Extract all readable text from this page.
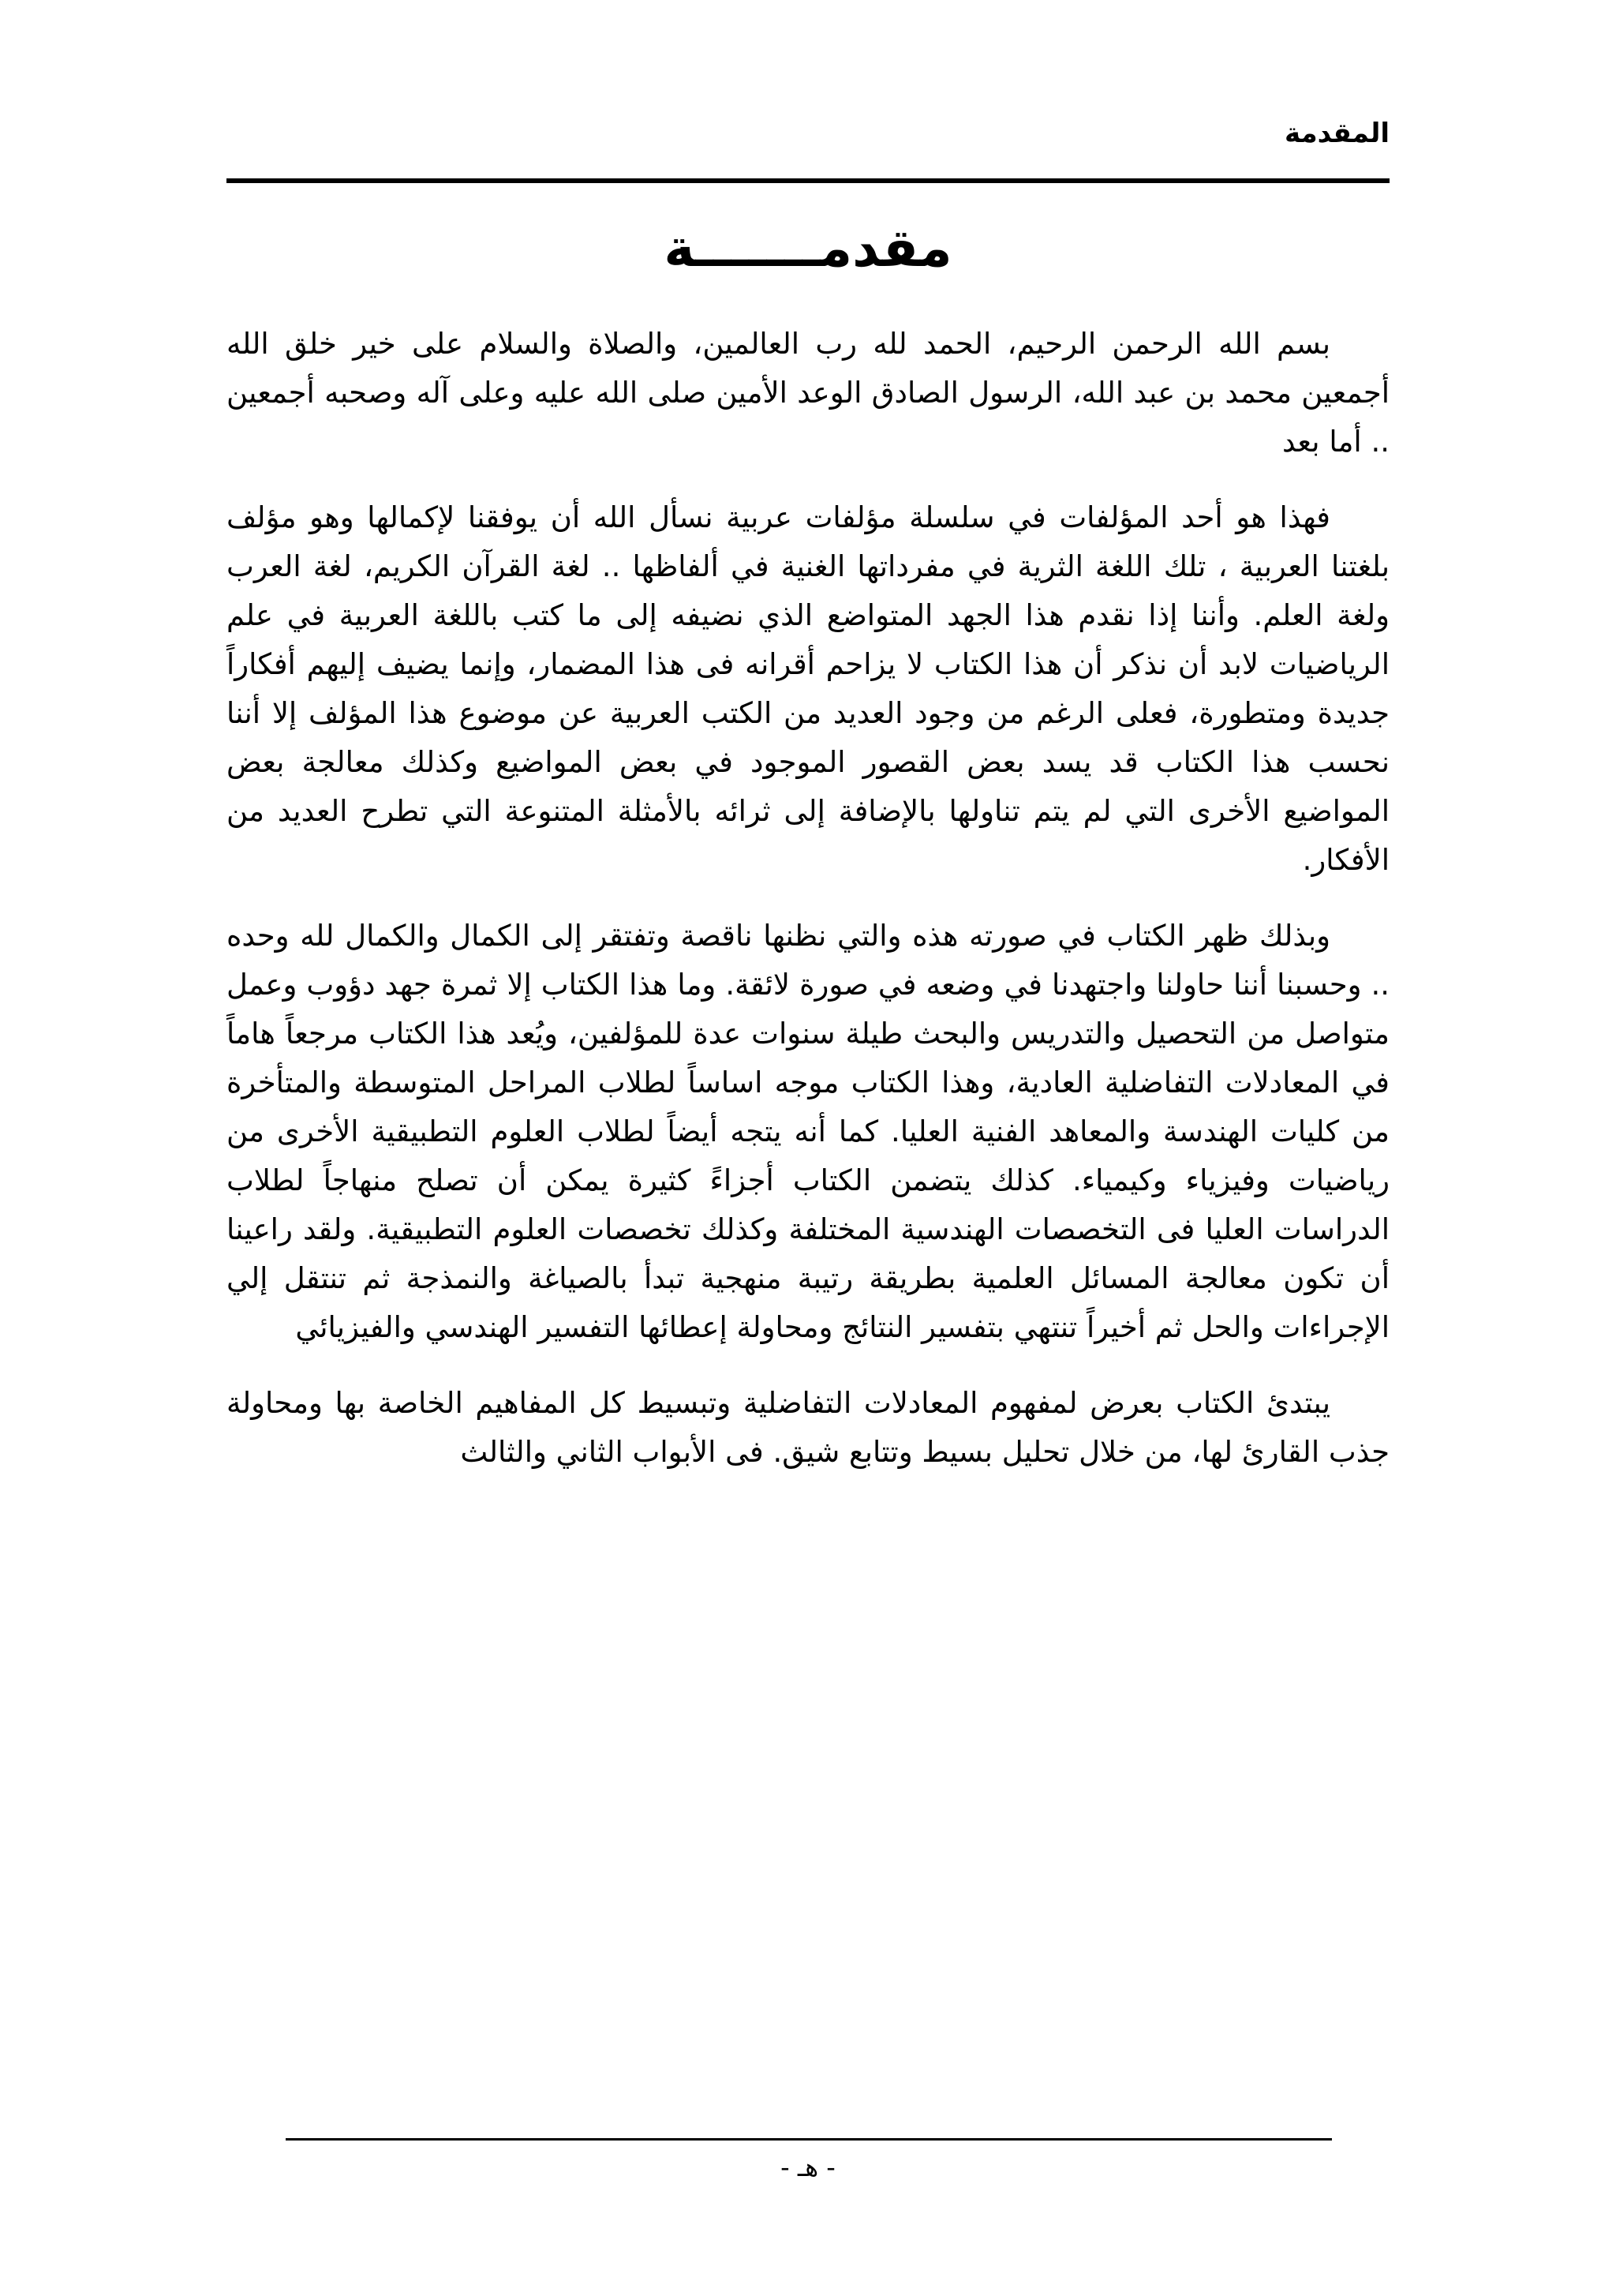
المقدمة
مقدمـــــــة

بسم الله الرحمن الرحيم، الحمد لله رب العالمين، والصلاة والسلام على خير خلق الله أجمعين محمد بن عبد الله، الرسول الصادق الوعد الأمين صلى الله عليه وعلى آله وصحبه أجمعين .. أما بعد

فهذا هو أحد المؤلفات في سلسلة مؤلفات عربية نسأل الله أن يوفقنا لإكمالها وهو مؤلف بلغتنا العربية ، تلك اللغة الثرية في مفرداتها الغنية في ألفاظها .. لغة القرآن الكريم، لغة العرب ولغة العلم. وأننا إذا نقدم هذا الجهد المتواضع الذي نضيفه إلى ما كتب باللغة العربية في علم الرياضيات لابد أن نذكر أن هذا الكتاب لا يزاحم أقرانه فى هذا المضمار، وإنما يضيف إليهم أفكاراً جديدة ومتطورة، فعلى الرغم من وجود العديد من الكتب العربية عن موضوع هذا المؤلف إلا أننا نحسب هذا الكتاب قد يسد بعض القصور الموجود في بعض المواضيع وكذلك معالجة بعض المواضيع الأخرى التي لم يتم تناولها بالإضافة إلى ثرائه بالأمثلة المتنوعة التي تطرح العديد من الأفكار.

وبذلك ظهر الكتاب في صورته هذه والتي نظنها ناقصة وتفتقر إلى الكمال والكمال لله وحده .. وحسبنا أننا حاولنا واجتهدنا في وضعه في صورة لائقة. وما هذا الكتاب إلا ثمرة جهد دؤوب وعمل متواصل من التحصيل والتدريس والبحث طيلة سنوات عدة للمؤلفين، ويُعد هذا الكتاب مرجعاً هاماً في المعادلات التفاضلية العادية، وهذا الكتاب موجه اساساً لطلاب المراحل المتوسطة والمتأخرة من كليات الهندسة والمعاهد الفنية العليا. كما أنه يتجه أيضاً لطلاب العلوم التطبيقية الأخرى من رياضيات وفيزياء وكيمياء. كذلك يتضمن الكتاب أجزاءً كثيرة يمكن أن تصلح منهاجاً لطلاب الدراسات العليا فى التخصصات الهندسية المختلفة وكذلك تخصصات العلوم التطبيقية. ولقد راعينا أن تكون معالجة المسائل العلمية بطريقة رتيبة منهجية تبدأ بالصياغة والنمذجة ثم تنتقل إلي الإجراءات والحل ثم أخيراً تنتهي بتفسير النتائج ومحاولة إعطائها التفسير الهندسي والفيزيائي

يبتدئ الكتاب بعرض لمفهوم المعادلات التفاضلية وتبسيط كل المفاهيم الخاصة بها ومحاولة جذب القارئ لها، من خلال تحليل بسيط وتتابع شيق. فى الأبواب الثاني والثالث

- هـ -
